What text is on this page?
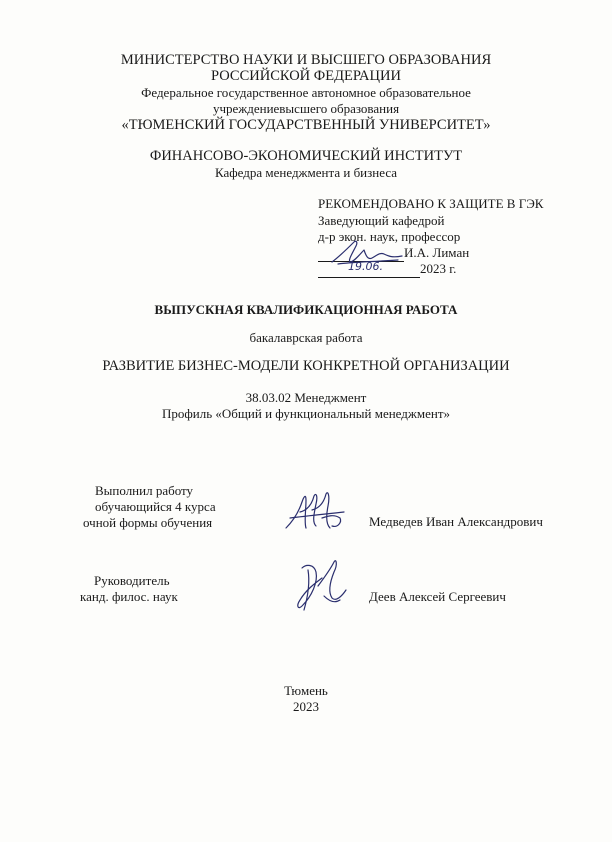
МИНИСТЕРСТВО НАУКИ И ВЫСШЕГО ОБРАЗОВАНИЯ
РОССИЙСКОЙ ФЕДЕРАЦИИ
Федеральное государственное автономное образовательное
учреждениевысшего образования
«ТЮМЕНСКИЙ ГОСУДАРСТВЕННЫЙ УНИВЕРСИТЕТ»
ФИНАНСОВО-ЭКОНОМИЧЕСКИЙ ИНСТИТУТ
Кафедра менеджмента и бизнеса
РЕКОМЕНДОВАНО К ЗАЩИТЕ В ГЭК
Заведующий кафедрой
д-р экон. наук, профессор
И.А. Лиман
2023 г.
19.06.
ВЫПУСКНАЯ КВАЛИФИКАЦИОННАЯ РАБОТА
бакалаврская работа
РАЗВИТИЕ БИЗНЕС-МОДЕЛИ КОНКРЕТНОЙ ОРГАНИЗАЦИИ
38.03.02 Менеджмент
Профиль «Общий и функциональный менеджмент»
Выполнил работу
обучающийся 4 курса
очной формы обучения	Медведев Иван Александрович
Руководитель
канд. филос. наук	Деев Алексей Сергеевич
Тюмень
2023
